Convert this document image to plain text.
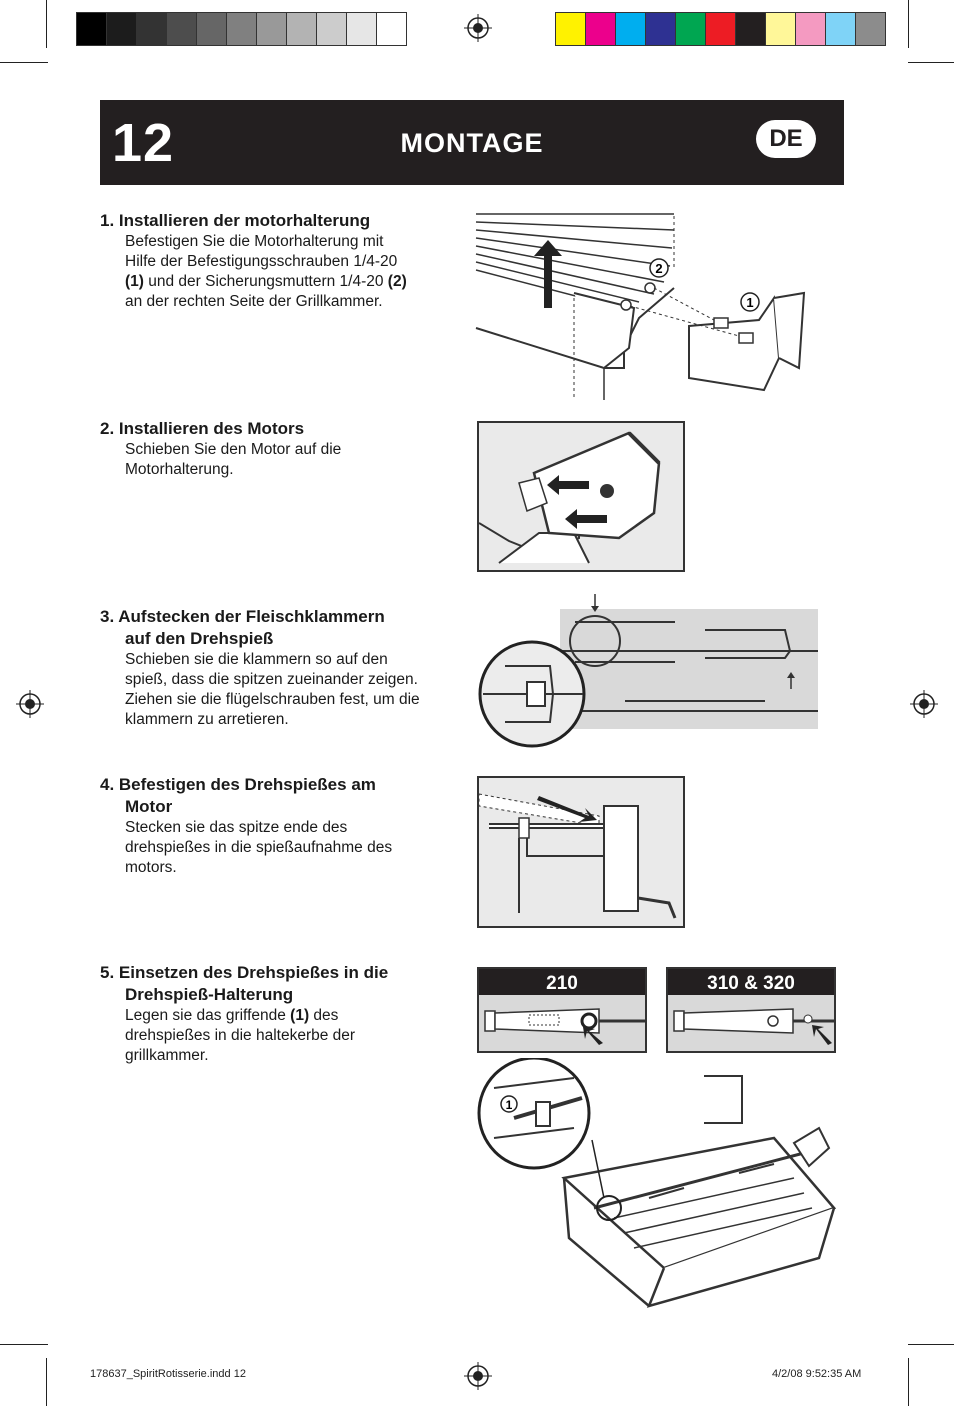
12	MONTAGE	DE
1. Installieren der motorhalterung
Befestigen Sie die Motorhalterung mit Hilfe der Befestigungsschrauben 1/4-20 (1) und der Sicherungsmuttern 1/4-20 (2) an der rechten Seite der Grillkammer.
2. Installieren des Motors
Schieben Sie den Motor auf die Motorhalterung.
3. Aufstecken der Fleischklammern
auf den Drehspieß
Schieben sie die klammern so auf den spieß, dass die spitzen zueinander zeigen. Ziehen sie die flügelschrauben fest, um die klammern zu arretieren.
4. Befestigen des Drehspießes am
Motor
Stecken sie das spitze ende des drehspießes in die spießaufnahme des motors.
5. Einsetzen des Drehspießes in die
Drehspieß-Halterung
Legen sie das griffende (1) des drehspießes in die haltekerbe der grillkammer.
2
1
210	310 & 320
1
178637_SpiritRotisserie.indd 12	4/2/08 9:52:35 AM
